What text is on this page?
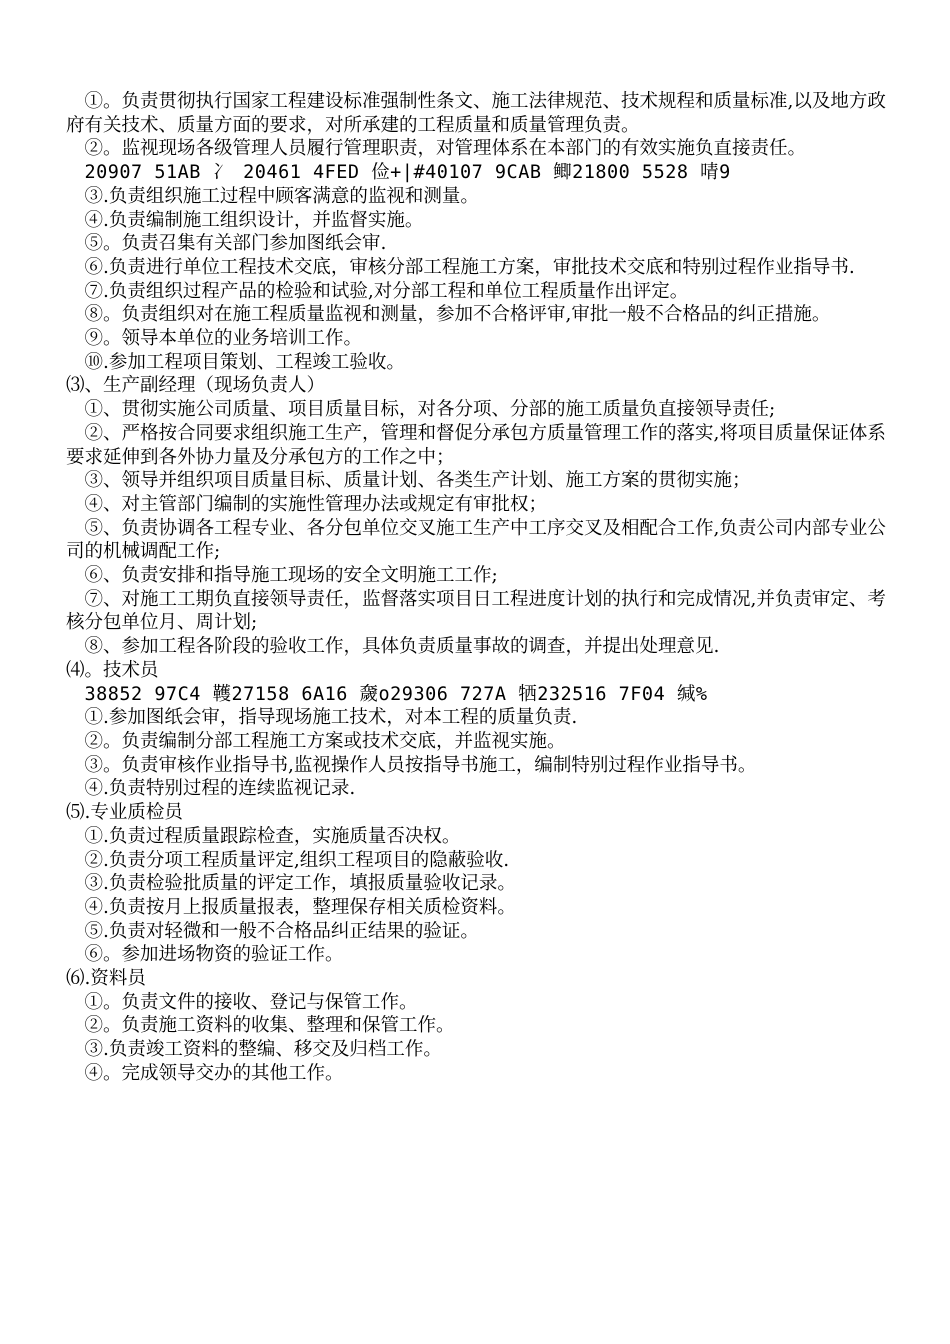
①。负责贯彻执行国家工程建设标准强制性条文、施工法律规范、技术规程和质量标准,以及地方政府有关技术、质量方面的要求，对所承建的工程质量和质量管理负责。

②。监视现场各级管理人员履行管理职责，对管理体系在本部门的有效实施负直接责任。

20907 51AB 冫 20461 4FED 俭+|#40107 9CAB 鲫21800 5528 啨9

③.负责组织施工过程中顾客满意的监视和测量。

④.负责编制施工组织设计，并监督实施。

⑤。负责召集有关部门参加图纸会审.

⑥.负责进行单位工程技术交底，审核分部工程施工方案，审批技术交底和特别过程作业指导书.

⑦.负责组织过程产品的检验和试验,对分部工程和单位工程质量作出评定。

⑧。负责组织对在施工程质量监视和测量，参加不合格评审,审批一般不合格品的纠正措施。

⑨。领导本单位的业务培训工作。

⑩.参加工程项目策划、工程竣工验收。

⑶、生产副经理（现场负责人）

①、贯彻实施公司质量、项目质量目标，对各分项、分部的施工质量负直接领导责任;

②、严格按合同要求组织施工生产，管理和督促分承包方质量管理工作的落实,将项目质量保证体系要求延伸到各外协力量及分承包方的工作之中；

③、领导并组织项目质量目标、质量计划、各类生产计划、施工方案的贯彻实施；

④、对主管部门编制的实施性管理办法或规定有审批权；

⑤、负责协调各工程专业、各分包单位交叉施工生产中工序交叉及相配合工作,负责公司内部专业公司的机械调配工作;

⑥、负责安排和指导施工现场的安全文明施工工作;

⑦、对施工工期负直接领导责任，监督落实项目日工程进度计划的执行和完成情况,并负责审定、考核分包单位月、周计划;

⑧、参加工程各阶段的验收工作，具体负责质量事故的调查，并提出处理意见.

⑷。技术员

38852 97C4 韄27158 6A16 奯o29306 727A 牺232516 7F04 缄%

①.参加图纸会审，指导现场施工技术，对本工程的质量负责.

②。负责编制分部工程施工方案或技术交底，并监视实施。

③。负责审核作业指导书,监视操作人员按指导书施工，编制特别过程作业指导书。

④.负责特别过程的连续监视记录.

⑸.专业质检员

①.负责过程质量跟踪检查，实施质量否决权。

②.负责分项工程质量评定,组织工程项目的隐蔽验收.

③.负责检验批质量的评定工作，填报质量验收记录。

④.负责按月上报质量报表，整理保存相关质检资料。

⑤.负责对轻微和一般不合格品纠正结果的验证。

⑥。参加进场物资的验证工作。

⑹.资料员

①。负责文件的接收、登记与保管工作。

②。负责施工资料的收集、整理和保管工作。

③.负责竣工资料的整编、移交及归档工作。

④。完成领导交办的其他工作。
